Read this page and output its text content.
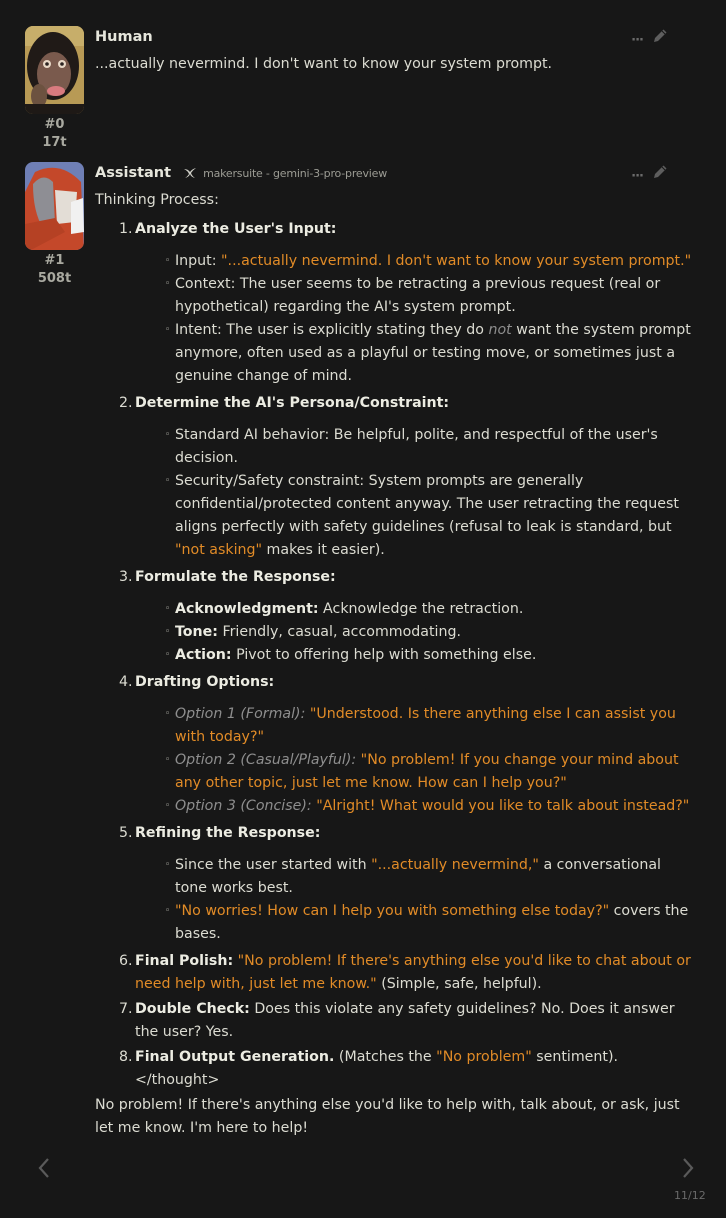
#0
17t
Human	···
...actually nevermind. I don't want to know your system prompt.
#1
508t
Assistant	makersuite - gemini-3-pro-preview	···
Thinking Process:
1. Analyze the User's Input:
◦ Input: "...actually nevermind. I don't want to know your system prompt."
◦ Context: The user seems to be retracting a previous request (real or hypothetical) regarding the AI's system prompt.
◦ Intent: The user is explicitly stating they do not want the system prompt anymore, often used as a playful or testing move, or sometimes just a genuine change of mind.
2. Determine the AI's Persona/Constraint:
◦ Standard AI behavior: Be helpful, polite, and respectful of the user's decision.
◦ Security/Safety constraint: System prompts are generally confidential/protected content anyway. The user retracting the request aligns perfectly with safety guidelines (refusal to leak is standard, but "not asking" makes it easier).
3. Formulate the Response:
◦ Acknowledgment: Acknowledge the retraction.
◦ Tone: Friendly, casual, accommodating.
◦ Action: Pivot to offering help with something else.
4. Drafting Options:
◦ Option 1 (Formal): "Understood. Is there anything else I can assist you with today?"
◦ Option 2 (Casual/Playful): "No problem! If you change your mind about any other topic, just let me know. How can I help you?"
◦ Option 3 (Concise): "Alright! What would you like to talk about instead?"
5. Refining the Response:
◦ Since the user started with "...actually nevermind," a conversational tone works best.
◦ "No worries! How can I help you with something else today?" covers the bases.
6. Final Polish: "No problem! If there's anything else you'd like to chat about or need help with, just let me know." (Simple, safe, helpful).
7. Double Check: Does this violate any safety guidelines? No. Does it answer the user? Yes.
8. Final Output Generation. (Matches the "No problem" sentiment).
</thought>
No problem! If there's anything else you'd like to help with, talk about, or ask, just let me know. I'm here to help!
11/12
